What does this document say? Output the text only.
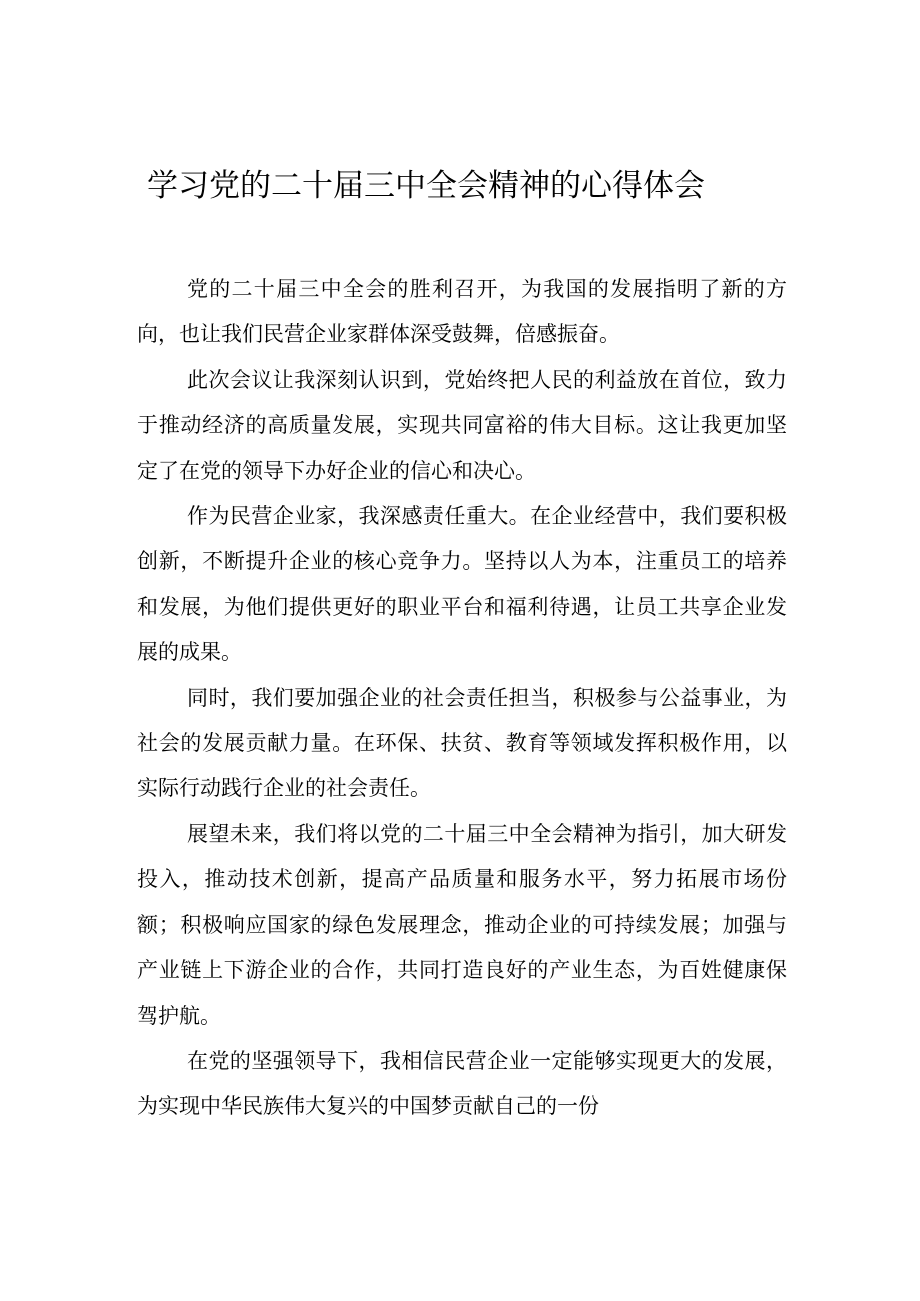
学习党的二十届三中全会精神的心得体会

党的二十届三中全会的胜利召开，为我国的发展指明了新的方向，也让我们民营企业家群体深受鼓舞，倍感振奋。

此次会议让我深刻认识到，党始终把人民的利益放在首位，致力于推动经济的高质量发展，实现共同富裕的伟大目标。这让我更加坚定了在党的领导下办好企业的信心和决心。

作为民营企业家，我深感责任重大。在企业经营中，我们要积极创新，不断提升企业的核心竞争力。坚持以人为本，注重员工的培养和发展，为他们提供更好的职业平台和福利待遇，让员工共享企业发展的成果。

同时，我们要加强企业的社会责任担当，积极参与公益事业，为社会的发展贡献力量。在环保、扶贫、教育等领域发挥积极作用，以实际行动践行企业的社会责任。

展望未来，我们将以党的二十届三中全会精神为指引，加大研发投入，推动技术创新，提高产品质量和服务水平，努力拓展市场份额；积极响应国家的绿色发展理念，推动企业的可持续发展；加强与产业链上下游企业的合作，共同打造良好的产业生态，为百姓健康保驾护航。

在党的坚强领导下，我相信民营企业一定能够实现更大的发展，为实现中华民族伟大复兴的中国梦贡献自己的一份
